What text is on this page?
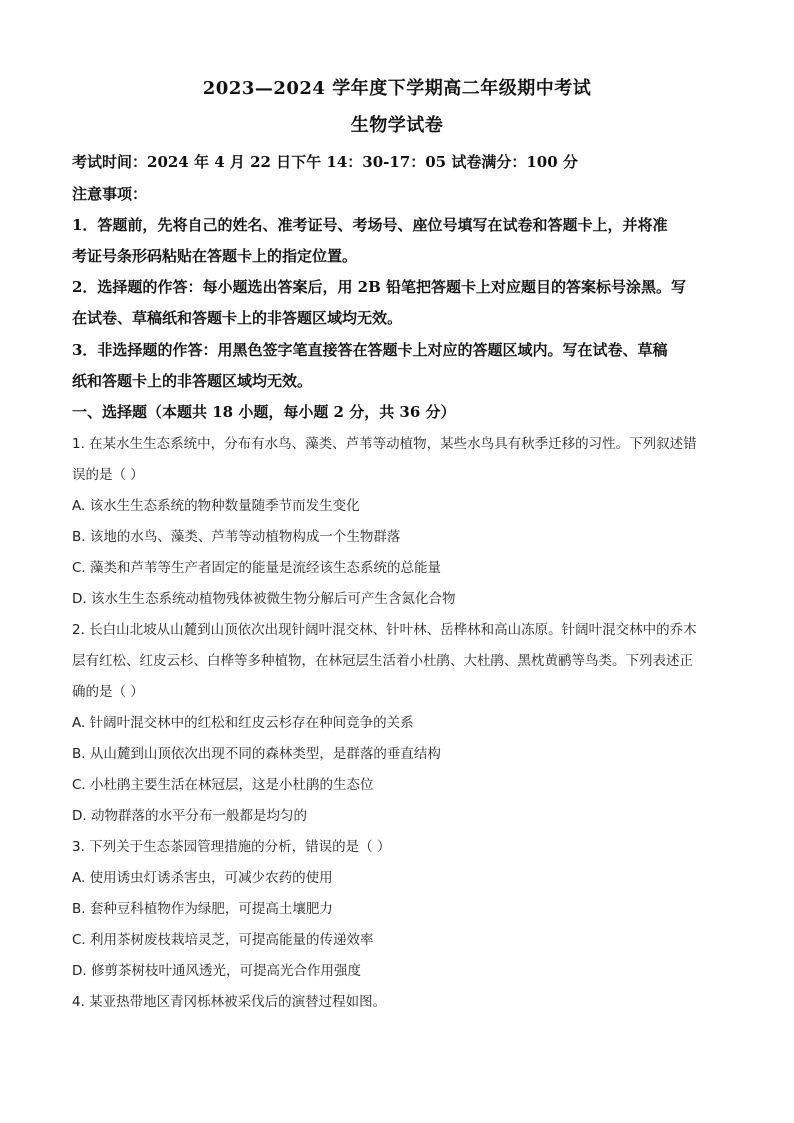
2023—2024 学年度下学期高二年级期中考试
生物学试卷
考试时间：2024 年 4 月 22 日下午 14：30-17：05 试卷满分：100 分
注意事项：
1．答题前，先将自己的姓名、准考证号、考场号、座位号填写在试卷和答题卡上，并将准
考证号条形码粘贴在答题卡上的指定位置。
2．选择题的作答：每小题选出答案后，用 2B 铅笔把答题卡上对应题目的答案标号涂黑。写
在试卷、草稿纸和答题卡上的非答题区域均无效。
3．非选择题的作答：用黑色签字笔直接答在答题卡上对应的答题区域内。写在试卷、草稿
纸和答题卡上的非答题区域均无效。
一、选择题（本题共 18 小题，每小题 2 分，共 36 分）
1. 在某水生生态系统中，分布有水鸟、藻类、芦苇等动植物，某些水鸟具有秋季迁移的习性。下列叙述错
误的是（ ）
A. 该水生生态系统的物种数量随季节而发生变化
B. 该地的水鸟、藻类、芦苇等动植物构成一个生物群落
C. 藻类和芦苇等生产者固定的能量是流经该生态系统的总能量
D. 该水生生态系统动植物残体被微生物分解后可产生含氮化合物
2. 长白山北坡从山麓到山顶依次出现针阔叶混交林、针叶林、岳桦林和高山冻原。针阔叶混交林中的乔木
层有红松、红皮云杉、白桦等多种植物，在林冠层生活着小杜鹃、大杜鹃、黑枕黄鹂等鸟类。下列表述正
确的是（ ）
A. 针阔叶混交林中的红松和红皮云杉存在种间竞争的关系
B. 从山麓到山顶依次出现不同的森林类型，是群落的垂直结构
C. 小杜鹃主要生活在林冠层，这是小杜鹃的生态位
D. 动物群落的水平分布一般都是均匀的
3. 下列关于生态茶园管理措施的分析，错误的是（ ）
A. 使用诱虫灯诱杀害虫，可减少农药的使用
B. 套种豆科植物作为绿肥，可提高土壤肥力
C. 利用茶树废枝栽培灵芝，可提高能量的传递效率
D. 修剪茶树枝叶通风透光，可提高光合作用强度
4. 某亚热带地区青冈栎林被采伐后的演替过程如图。
